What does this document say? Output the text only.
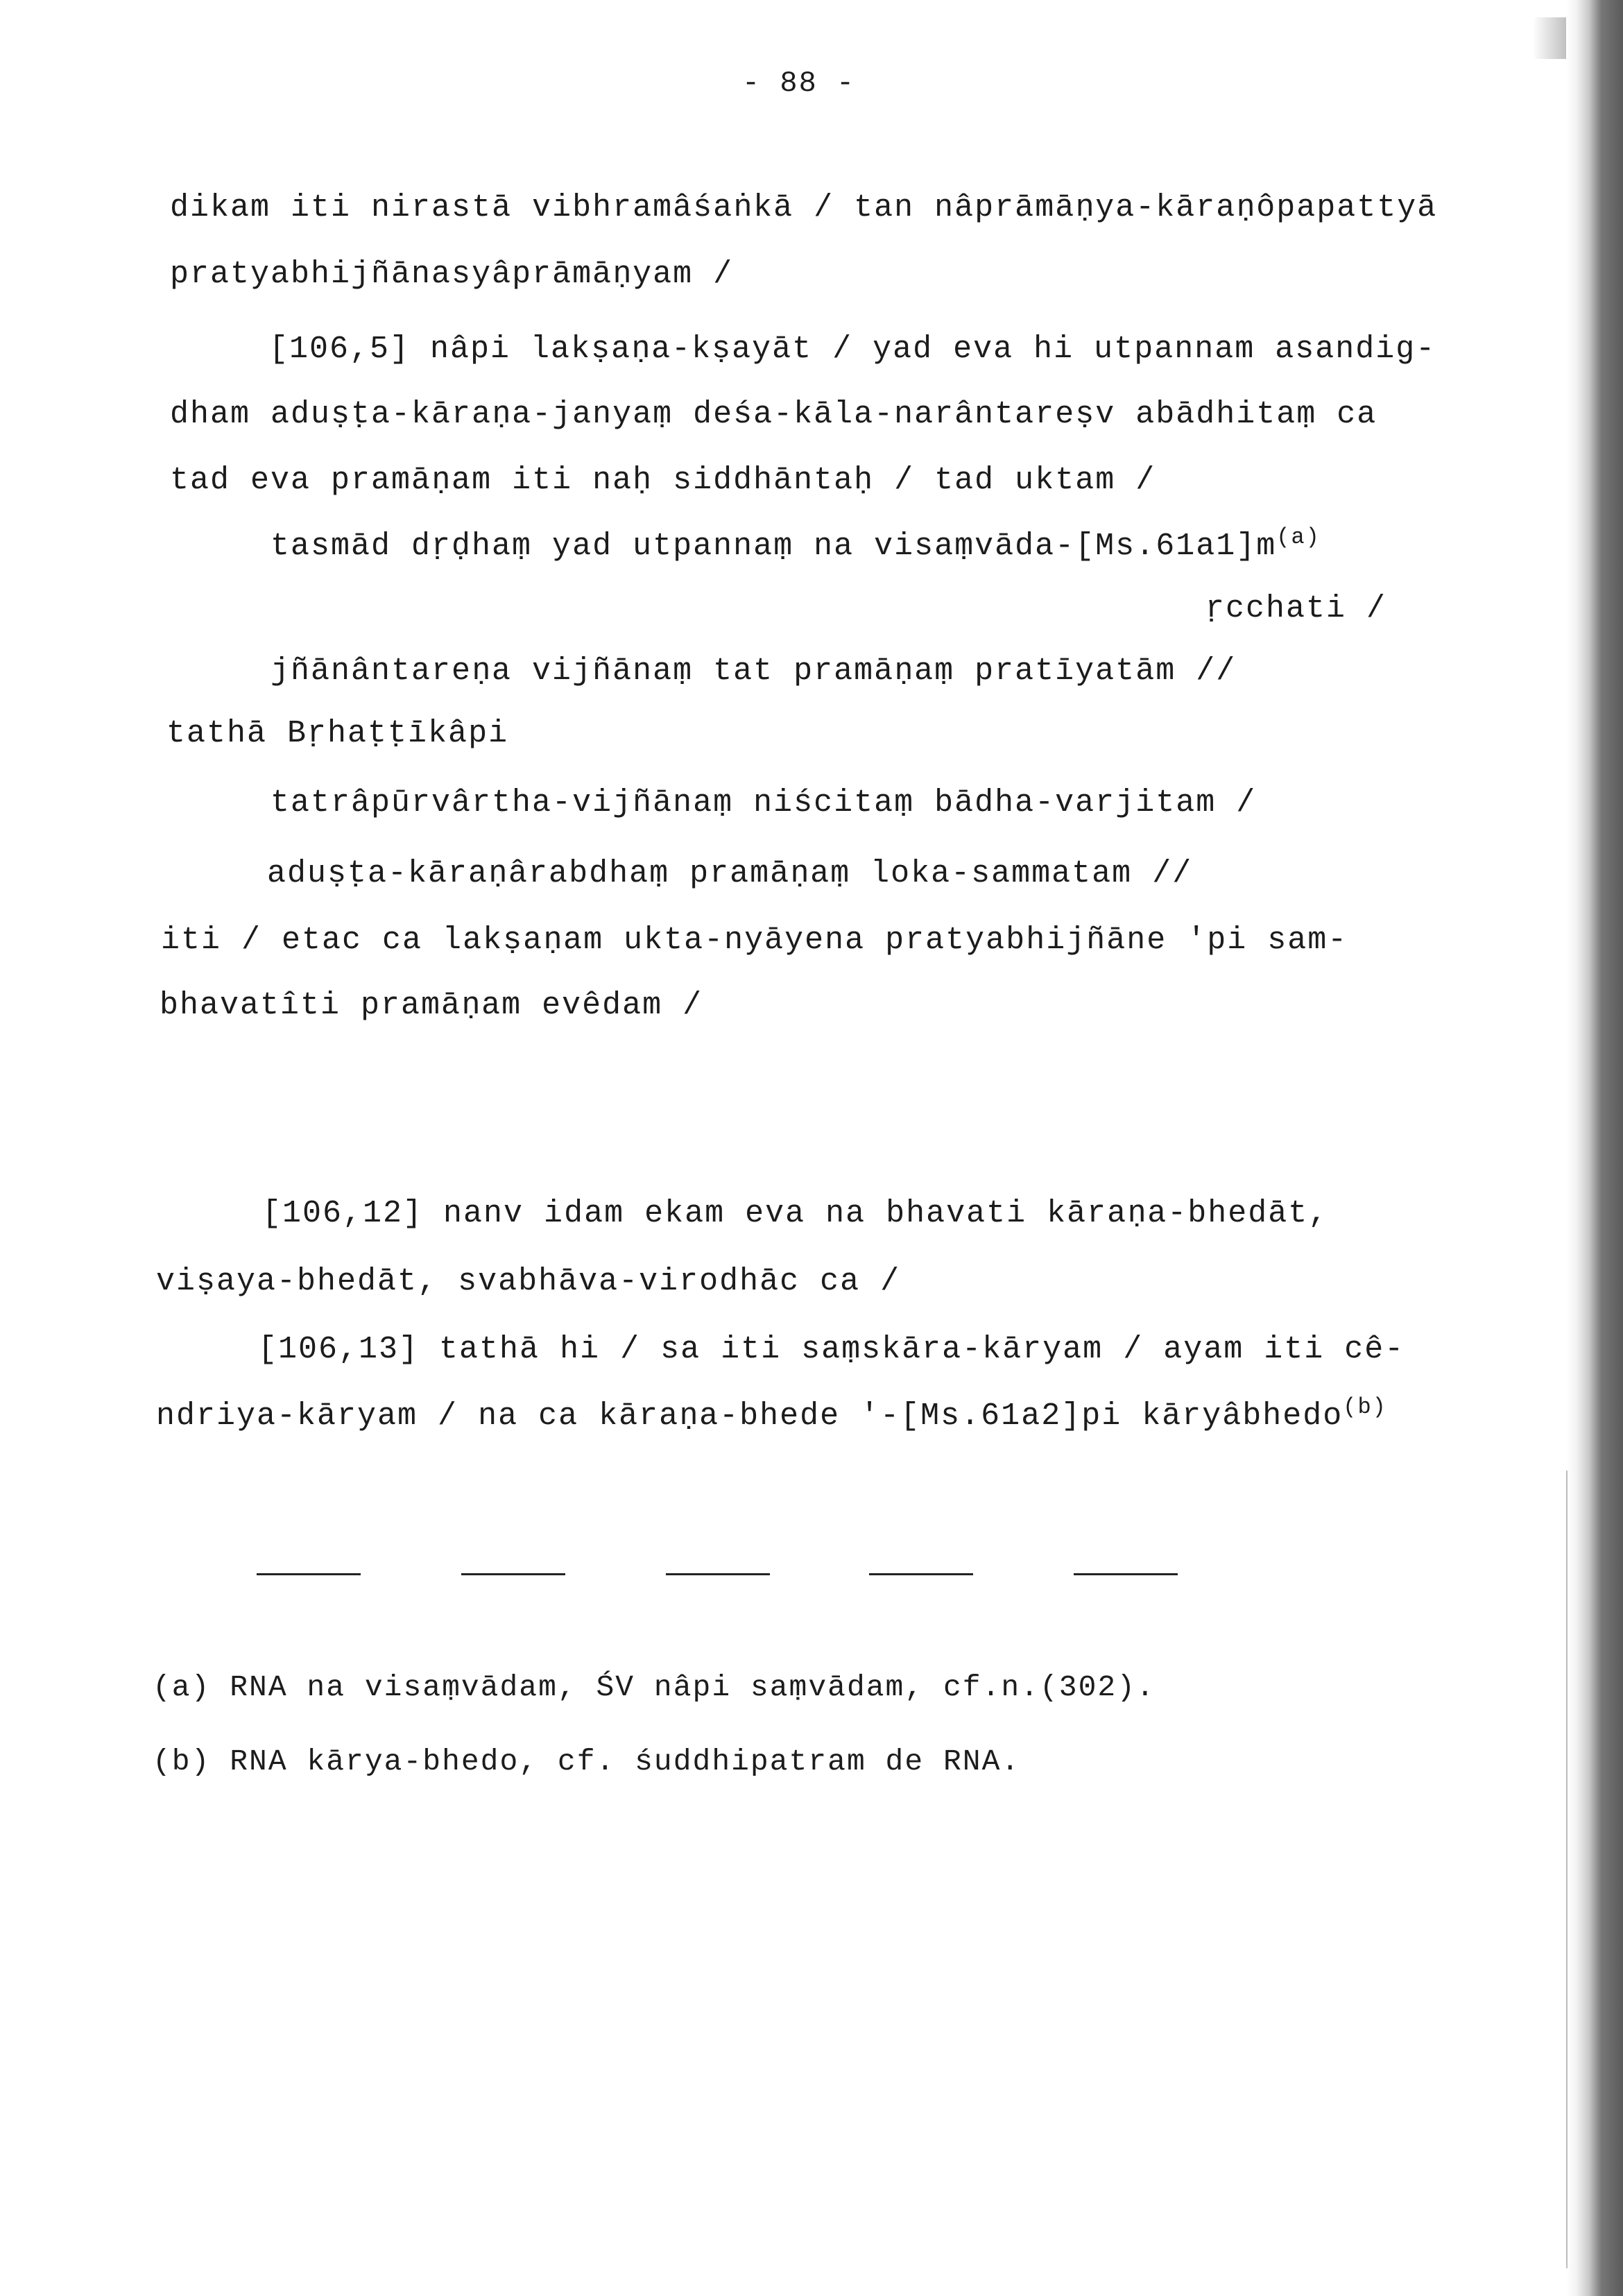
- 88 -
dikam iti nirastā vibhramâśaṅkā / tan nâprāmāṇya-kāraṇôpapattyā
pratyabhijñānasyâprāmāṇyam /
[106,5] nâpi lakṣaṇa-kṣayāt / yad eva hi utpannam asandig-
dham aduṣṭa-kāraṇa-janyaṃ deśa-kāla-narântareṣv abādhitaṃ ca
tad eva pramāṇam iti naḥ siddhāntaḥ / tad uktam /
tasmād dṛḍhaṃ yad utpannaṃ na visaṃvāda-$[Ms.61a1]m^{(a)}$
ṛcchati /
jñānântareṇa vijñānaṃ tat pramāṇaṃ pratīyatām //
tathā Bṛhaṭṭīkâpi
tatrâpūrvârtha-vijñānaṃ niścitaṃ bādha-varjitam /
aduṣṭa-kāraṇârabdhaṃ pramāṇaṃ loka-sammatam //
iti / etac ca lakṣaṇam ukta-nyāyena pratyabhijñāne 'pi sam-
bhavatîti pramāṇam evêdam /
[106,12] nanv idam ekam eva na bhavati kāraṇa-bhedāt,
viṣaya-bhedāt, svabhāva-virodhāc ca /
[106,13] tathā hi / sa iti saṃskāra-kāryam / ayam iti cê-
ndriya-kāryam / na ca kāraṇa-bhede '-[Ms.61a2]pi kāryâbhedo$^{(b)}$
(a) RNA na visaṃvādam, ŚV nâpi saṃvādam, cf.n.(302).
(b) RNA kārya-bhedo, cf. śuddhipatram de RNA.
